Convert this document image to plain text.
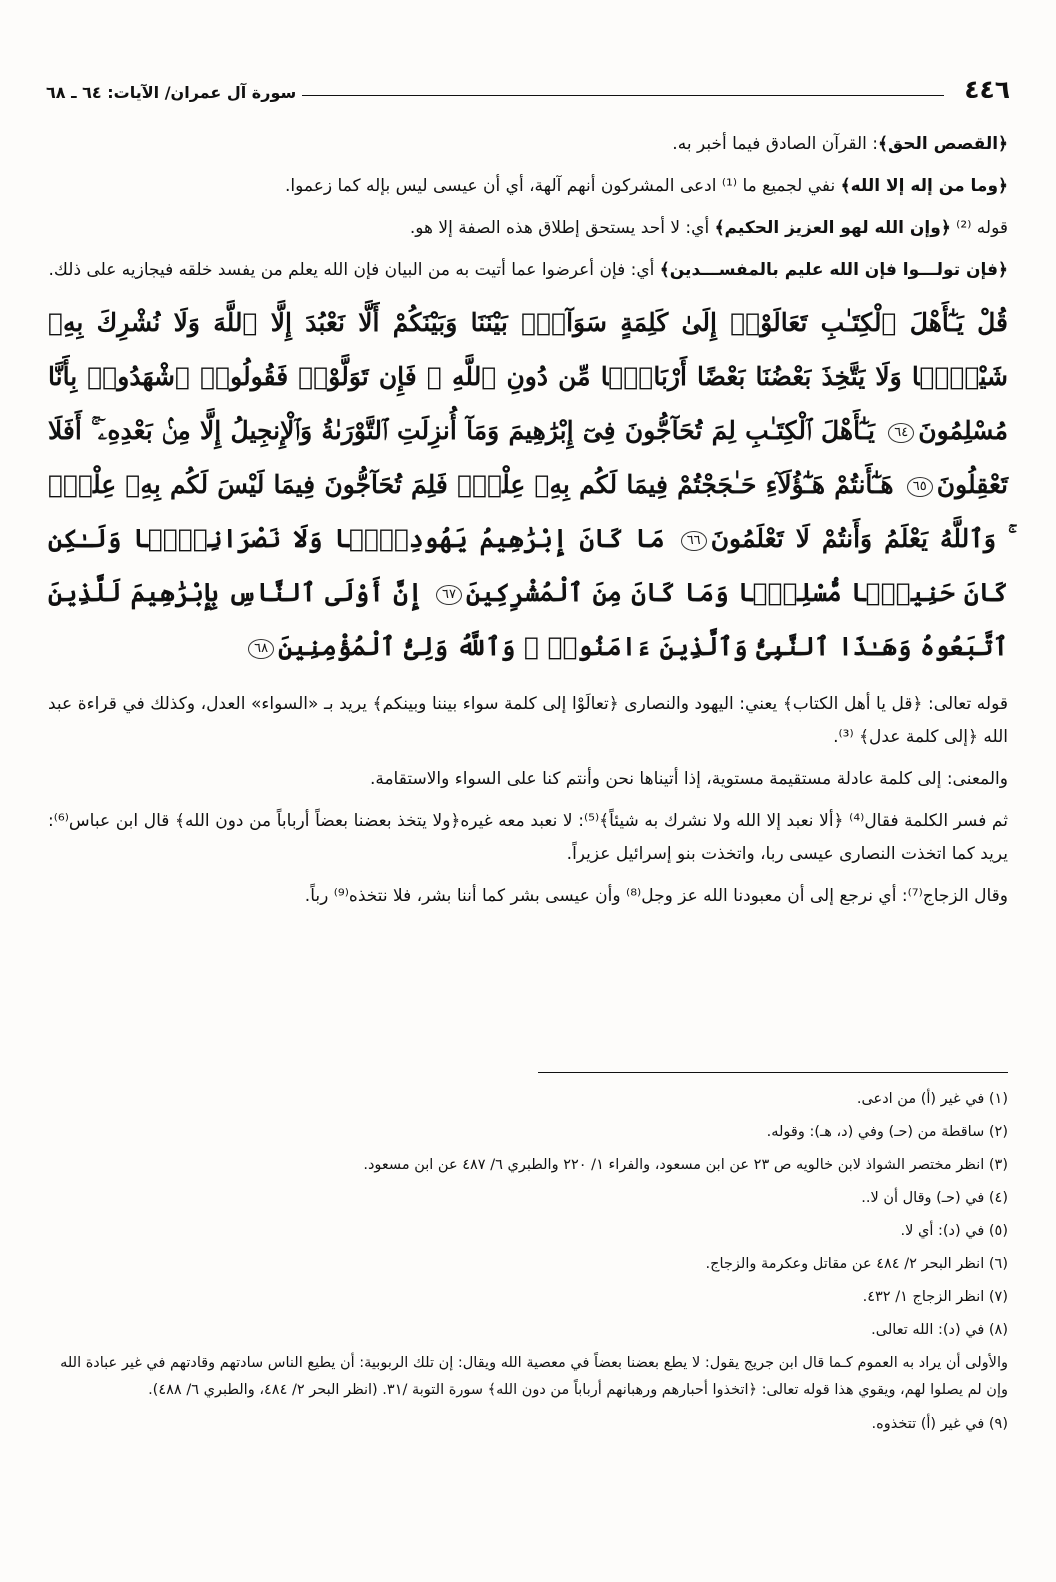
٤٤٦
سورة آل عمران/ الآيات: ٦٤ ـ ٦٨

﴿القصص الحق﴾: القرآن الصادق فيما أخبر به.

﴿وما من إله إلا الله﴾ نفي لجميع ما ⁽¹⁾ ادعى المشركون أنهم آلهة، أي أن عيسى ليس بإله كما زعموا.

قوله ⁽²⁾ ﴿وإن الله لهو العزيز الحكيم﴾ أي: لا أحد يستحق إطلاق هذه الصفة إلا هو.

﴿فإن تولـــوا فإن الله عليم بالمفســـدين﴾ أي: فإن أعرضوا عما أتيت به من البيان فإن الله يعلم من يفسد خلقه فيجازيه على ذلك.

قُلْ يَـٰٓأَهْلَ ٱلْكِتَـٰبِ تَعَالَوْا۟ إِلَىٰ كَلِمَةٍ سَوَآءٍۭ بَيْنَنَا وَبَيْنَكُمْ أَلَّا نَعْبُدَ إِلَّا ٱللَّهَ وَلَا نُشْرِكَ بِهِۦ شَيْـًۭٔا وَلَا يَتَّخِذَ بَعْضُنَا بَعْضًا أَرْبَابًۭا مِّن دُونِ ٱللَّهِ ۚ فَإِن تَوَلَّوْا۟ فَقُولُوا۟ ٱشْهَدُوا۟ بِأَنَّا مُسْلِمُونَ٦٤ يَـٰٓأَهْلَ ٱلْكِتَـٰبِ لِمَ تُحَآجُّونَ فِىٓ إِبْرَٰهِيمَ وَمَآ أُنزِلَتِ ٱلتَّوْرَىٰةُ وَٱلْإِنجِيلُ إِلَّا مِنۢ بَعْدِهِۦٓ ۚ أَفَلَا تَعْقِلُونَ٦٥ هَـٰٓأَنتُمْ هَـٰٓؤُلَآءِ حَـٰجَجْتُمْ فِيمَا لَكُم بِهِۦ عِلْمٌۭ فَلِمَ تُحَآجُّونَ فِيمَا لَيْسَ لَكُم بِهِۦ عِلْمٌۭ ۚ وَٱللَّهُ يَعْلَمُ وَأَنتُمْ لَا تَعْلَمُونَ٦٦ مَا كَانَ إِبْرَٰهِيمُ يَهُودِيًّۭا وَلَا نَصْرَانِيًّۭا وَلَـٰكِن كَانَ حَنِيفًۭا مُّسْلِمًۭا وَمَا كَانَ مِنَ ٱلْمُشْرِكِينَ٦٧ إِنَّ أَوْلَى ٱلنَّاسِ بِإِبْرَٰهِيمَ لَلَّذِينَ ٱتَّبَعُوهُ وَهَـٰذَا ٱلنَّبِىُّ وَٱلَّذِينَ ءَامَنُوا۟ ۗ وَٱللَّهُ وَلِىُّ ٱلْمُؤْمِنِينَ٦٨

قوله تعالى: ﴿قل يا أهل الكتاب﴾ يعني: اليهود والنصارى ﴿تعالَوْا إلى كلمة سواء بيننا وبينكم﴾ يريد بـ «السواء» العدل، وكذلك في قراءة عبد الله ﴿إلى كلمة عدل﴾ ⁽³⁾.

والمعنى: إلى كلمة عادلة مستقيمة مستوية، إذا أتيناها نحن وأنتم كنا على السواء والاستقامة.

ثم فسر الكلمة فقال⁽⁴⁾ ﴿ألا نعبد إلا الله ولا نشرك به شيئاً﴾⁽⁵⁾: لا نعبد معه غيره﴿ولا يتخذ بعضنا بعضاً أرباباً من دون الله﴾ قال ابن عباس⁽⁶⁾: يريد كما اتخذت النصارى عيسى ربا، واتخذت بنو إسرائيل عزيراً.

وقال الزجاج⁽⁷⁾: أي نرجع إلى أن معبودنا الله عز وجل⁽⁸⁾ وأن عيسى بشر كما أننا بشر، فلا نتخذه⁽⁹⁾ رباً.

(١) في غير (أ) من ادعى.

(٢) ساقطة من (حـ) وفي (د، هـ): وقوله.

(٣) انظر مختصر الشواذ لابن خالويه ص ٢٣ عن ابن مسعود، والفراء ١/ ٢٢٠ والطبري ٦/ ٤٨٧ عن ابن مسعود.

(٤) في (حـ) وقال أن لا..

(٥) في (د): أي لا.

(٦) انظر البحر ٢/ ٤٨٤ عن مقاتل وعكرمة والزجاج.

(٧) انظر الزجاج ١/ ٤٣٢.

(٨) في (د): الله تعالى.

والأولى أن يراد به العموم كـما قال ابن جريج يقول: لا يطع بعضنا بعضاً في معصية الله ويقال: إن تلك الربوبية: أن يطيع الناس سادتهم وقادتهم في غير عبادة الله وإن لم يصلوا لهم، ويقوي هذا قوله تعالى: ﴿اتخذوا أحبارهم ورهبانهم أرباباً من دون الله﴾ سورة التوبة /٣١. (انظر البحر ٢/ ٤٨٤، والطبري ٦/ ٤٨٨).

(٩) في غير (أ) تتخذوه.
